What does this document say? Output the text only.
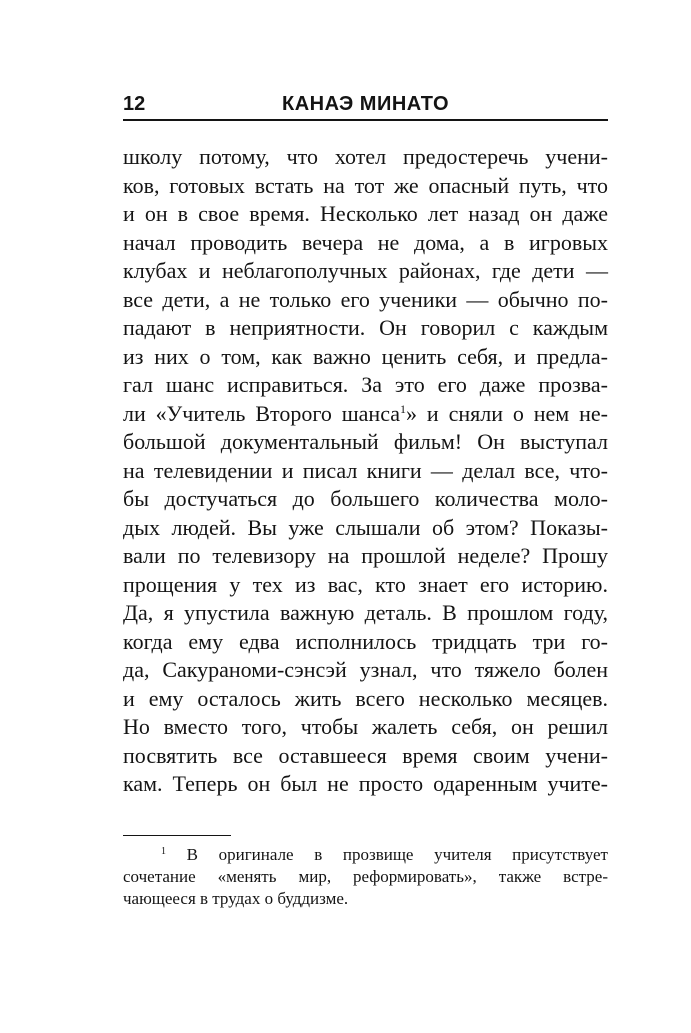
12	КАНАЭ МИНАТО
школу потому, что хотел предостеречь учени-
ков, готовых встать на тот же опасный путь, что
и он в свое время. Несколько лет назад он даже
начал проводить вечера не дома, а в игровых
клубах и неблагополучных районах, где дети —
все дети, а не только его ученики — обычно по-
падают в неприятности. Он говорил с каждым
из них о том, как важно ценить себя, и предла-
гал шанс исправиться. За это его даже прозва-
ли «Учитель Второго шанса$^1$» и сняли о нем не-
большой документальный фильм! Он выступал
на телевидении и писал книги — делал все, что-
бы достучаться до большего количества моло-
дых людей. Вы уже слышали об этом? Показы-
вали по телевизору на прошлой неделе? Прошу
прощения у тех из вас, кто знает его историю.
Да, я упустила важную деталь. В прошлом году,
когда ему едва исполнилось тридцать три го-
да, Сакураноми-сэнсэй узнал, что тяжело болен
и ему осталось жить всего несколько месяцев.
Но вместо того, чтобы жалеть себя, он решил
посвятить все оставшееся время своим учени-
кам. Теперь он был не просто одаренным учите-
$^1$ В оригинале в прозвище учителя присутствует
сочетание «менять мир, реформировать», также встре-
чающееся в трудах о буддизме.
